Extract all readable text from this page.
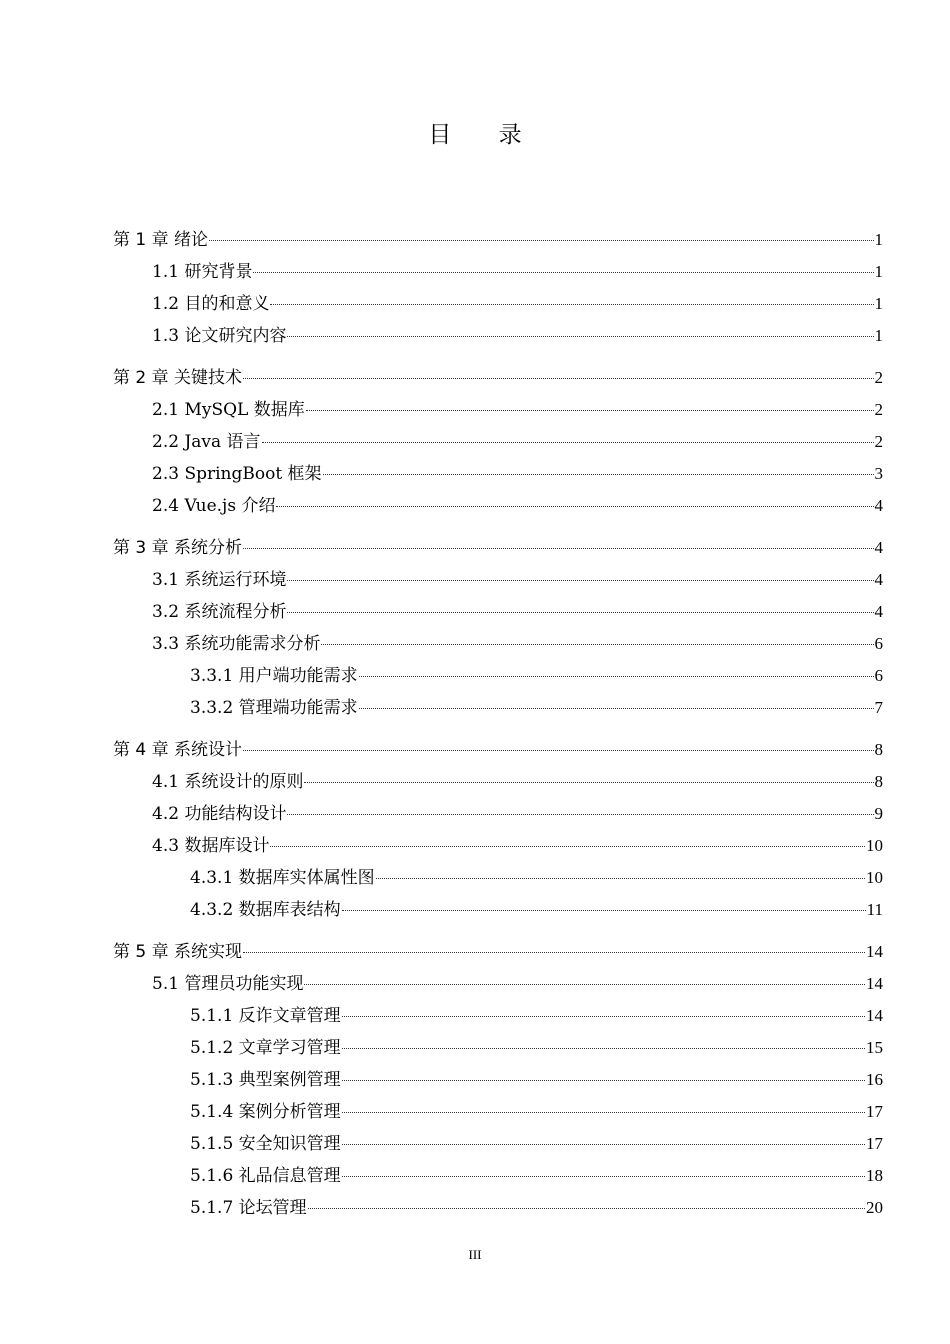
目 录
第 1 章 绪论	1
1.1 研究背景	1
1.2 目的和意义	1
1.3 论文研究内容	1
第 2 章 关键技术	2
2.1 MySQL 数据库	2
2.2 Java 语言	2
2.3 SpringBoot 框架	3
2.4 Vue.js 介绍	4
第 3 章 系统分析	4
3.1 系统运行环境	4
3.2 系统流程分析	4
3.3 系统功能需求分析	6
3.3.1 用户端功能需求	6
3.3.2 管理端功能需求	7
第 4 章 系统设计	8
4.1 系统设计的原则	8
4.2 功能结构设计	9
4.3 数据库设计	10
4.3.1 数据库实体属性图	10
4.3.2 数据库表结构	11
第 5 章 系统实现	14
5.1 管理员功能实现	14
5.1.1 反诈文章管理	14
5.1.2 文章学习管理	15
5.1.3 典型案例管理	16
5.1.4 案例分析管理	17
5.1.5 安全知识管理	17
5.1.6 礼品信息管理	18
5.1.7 论坛管理	20
III
